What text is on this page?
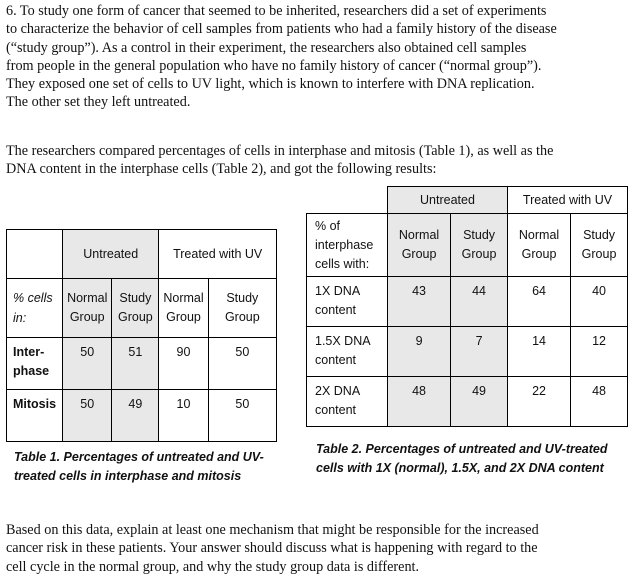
6. To study one form of cancer that seemed to be inherited, researchers did a set of experiments

to characterize the behavior of cell samples from patients who had a family history of the disease

(“study group”). As a control in their experiment, the researchers also obtained cell samples

from people in the general population who have no family history of cancer (“normal group”).

They exposed one set of cells to UV light, which is known to interfere with DNA replication.

The other set they left untreated.

The researchers compared percentages of cells in interphase and mitosis (Table 1), as well as the
DNA content in the interphase cells (Table 2), and got the following results:
	Untreated		Treated with UV	
% cells in:	Normal Group	Study Group	Normal Group	Study Group
Inter-phase	50	51	90	50
Mitosis	50	49	10	50
Table 1. Percentages of untreated and UV-treated cells in interphase and mitosis
	Untreated		Treated with UV	
% of interphase cells with:	Normal Group	Study Group	Normal Group	Study Group
1X DNA content	43	44	64	40
1.5X DNA content	9	7	14	12
2X DNA content	48	49	22	48
Table 2. Percentages of untreated and UV-treated cells with 1X (normal), 1.5X, and 2X DNA content
Based on this data, explain at least one mechanism that might be responsible for the increased
cancer risk in these patients. Your answer should discuss what is happening with regard to the
cell cycle in the normal group, and why the study group data is different.
